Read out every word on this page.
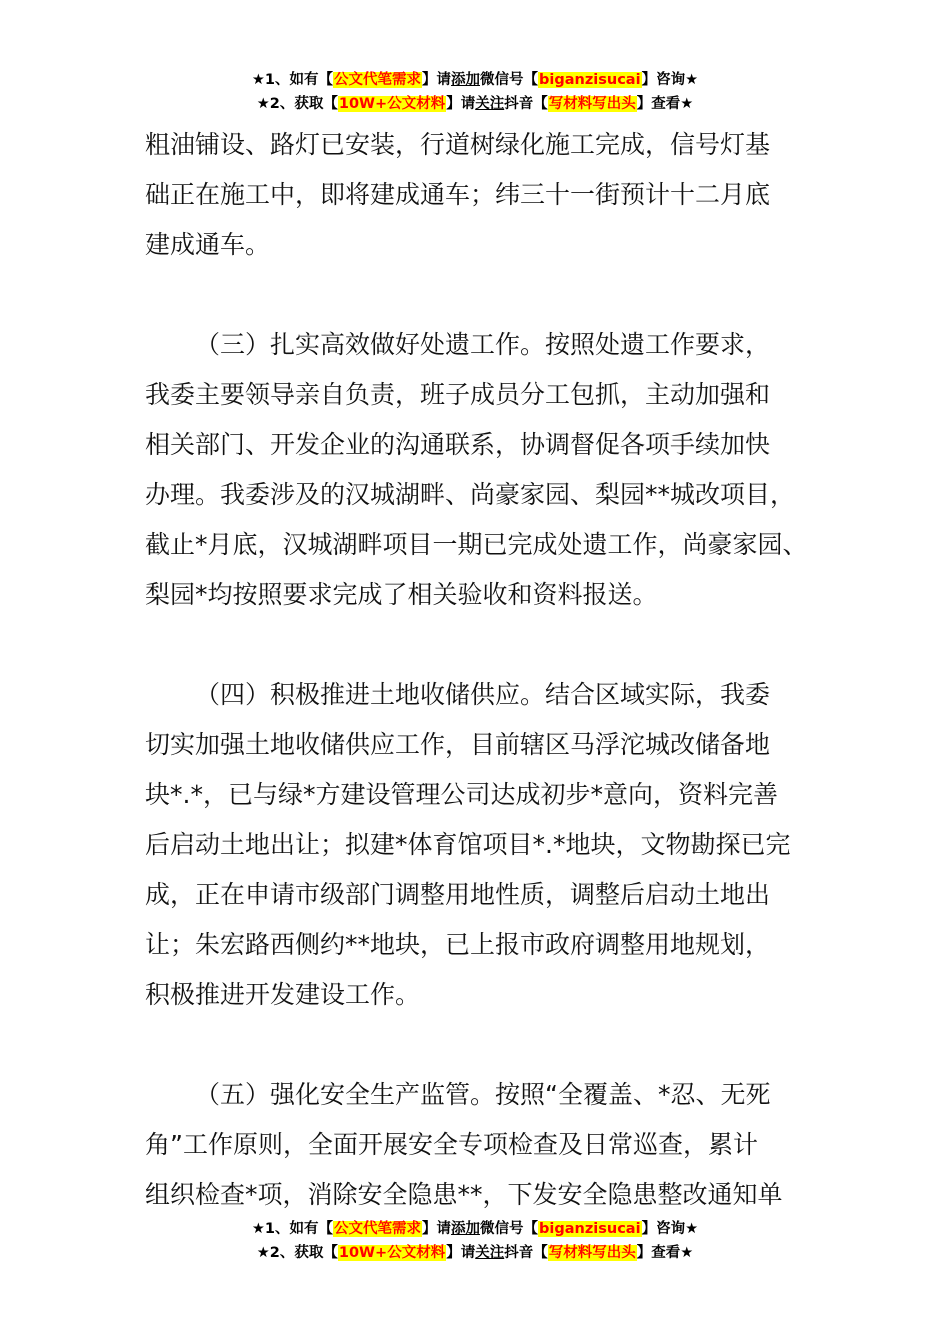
★1、如有【公文代笔需求】请添加微信号【biganzisucai】咨询★
★2、获取【10W+公文材料】请关注抖音【写材料写出头】查看★
粗油铺设、路灯已安装，行道树绿化施工完成，信号灯基
础正在施工中，即将建成通车；纬三十一街预计十二月底
建成通车。
（三）扎实高效做好处遗工作。按照处遗工作要求，
我委主要领导亲自负责，班子成员分工包抓，主动加强和
相关部门、开发企业的沟通联系，协调督促各项手续加快
办理。我委涉及的汉城湖畔、尚豪家园、梨园**城改项目，
截止*月底，汉城湖畔项目一期已完成处遗工作，尚豪家园、
梨园*均按照要求完成了相关验收和资料报送。
（四）积极推进土地收储供应。结合区域实际，我委
切实加强土地收储供应工作，目前辖区马浮沱城改储备地
块*.*，已与绿*方建设管理公司达成初步*意向，资料完善
后启动土地出让；拟建*体育馆项目*.*地块，文物勘探已完
成，正在申请市级部门调整用地性质，调整后启动土地出
让；朱宏路西侧约**地块，已上报市政府调整用地规划，
积极推进开发建设工作。
（五）强化安全生产监管。按照“全覆盖、*忍、无死
角”工作原则，全面开展安全专项检查及日常巡查，累计
组织检查*项，消除安全隐患**，下发安全隐患整改通知单
★1、如有【公文代笔需求】请添加微信号【biganzisucai】咨询★
★2、获取【10W+公文材料】请关注抖音【写材料写出头】查看★
